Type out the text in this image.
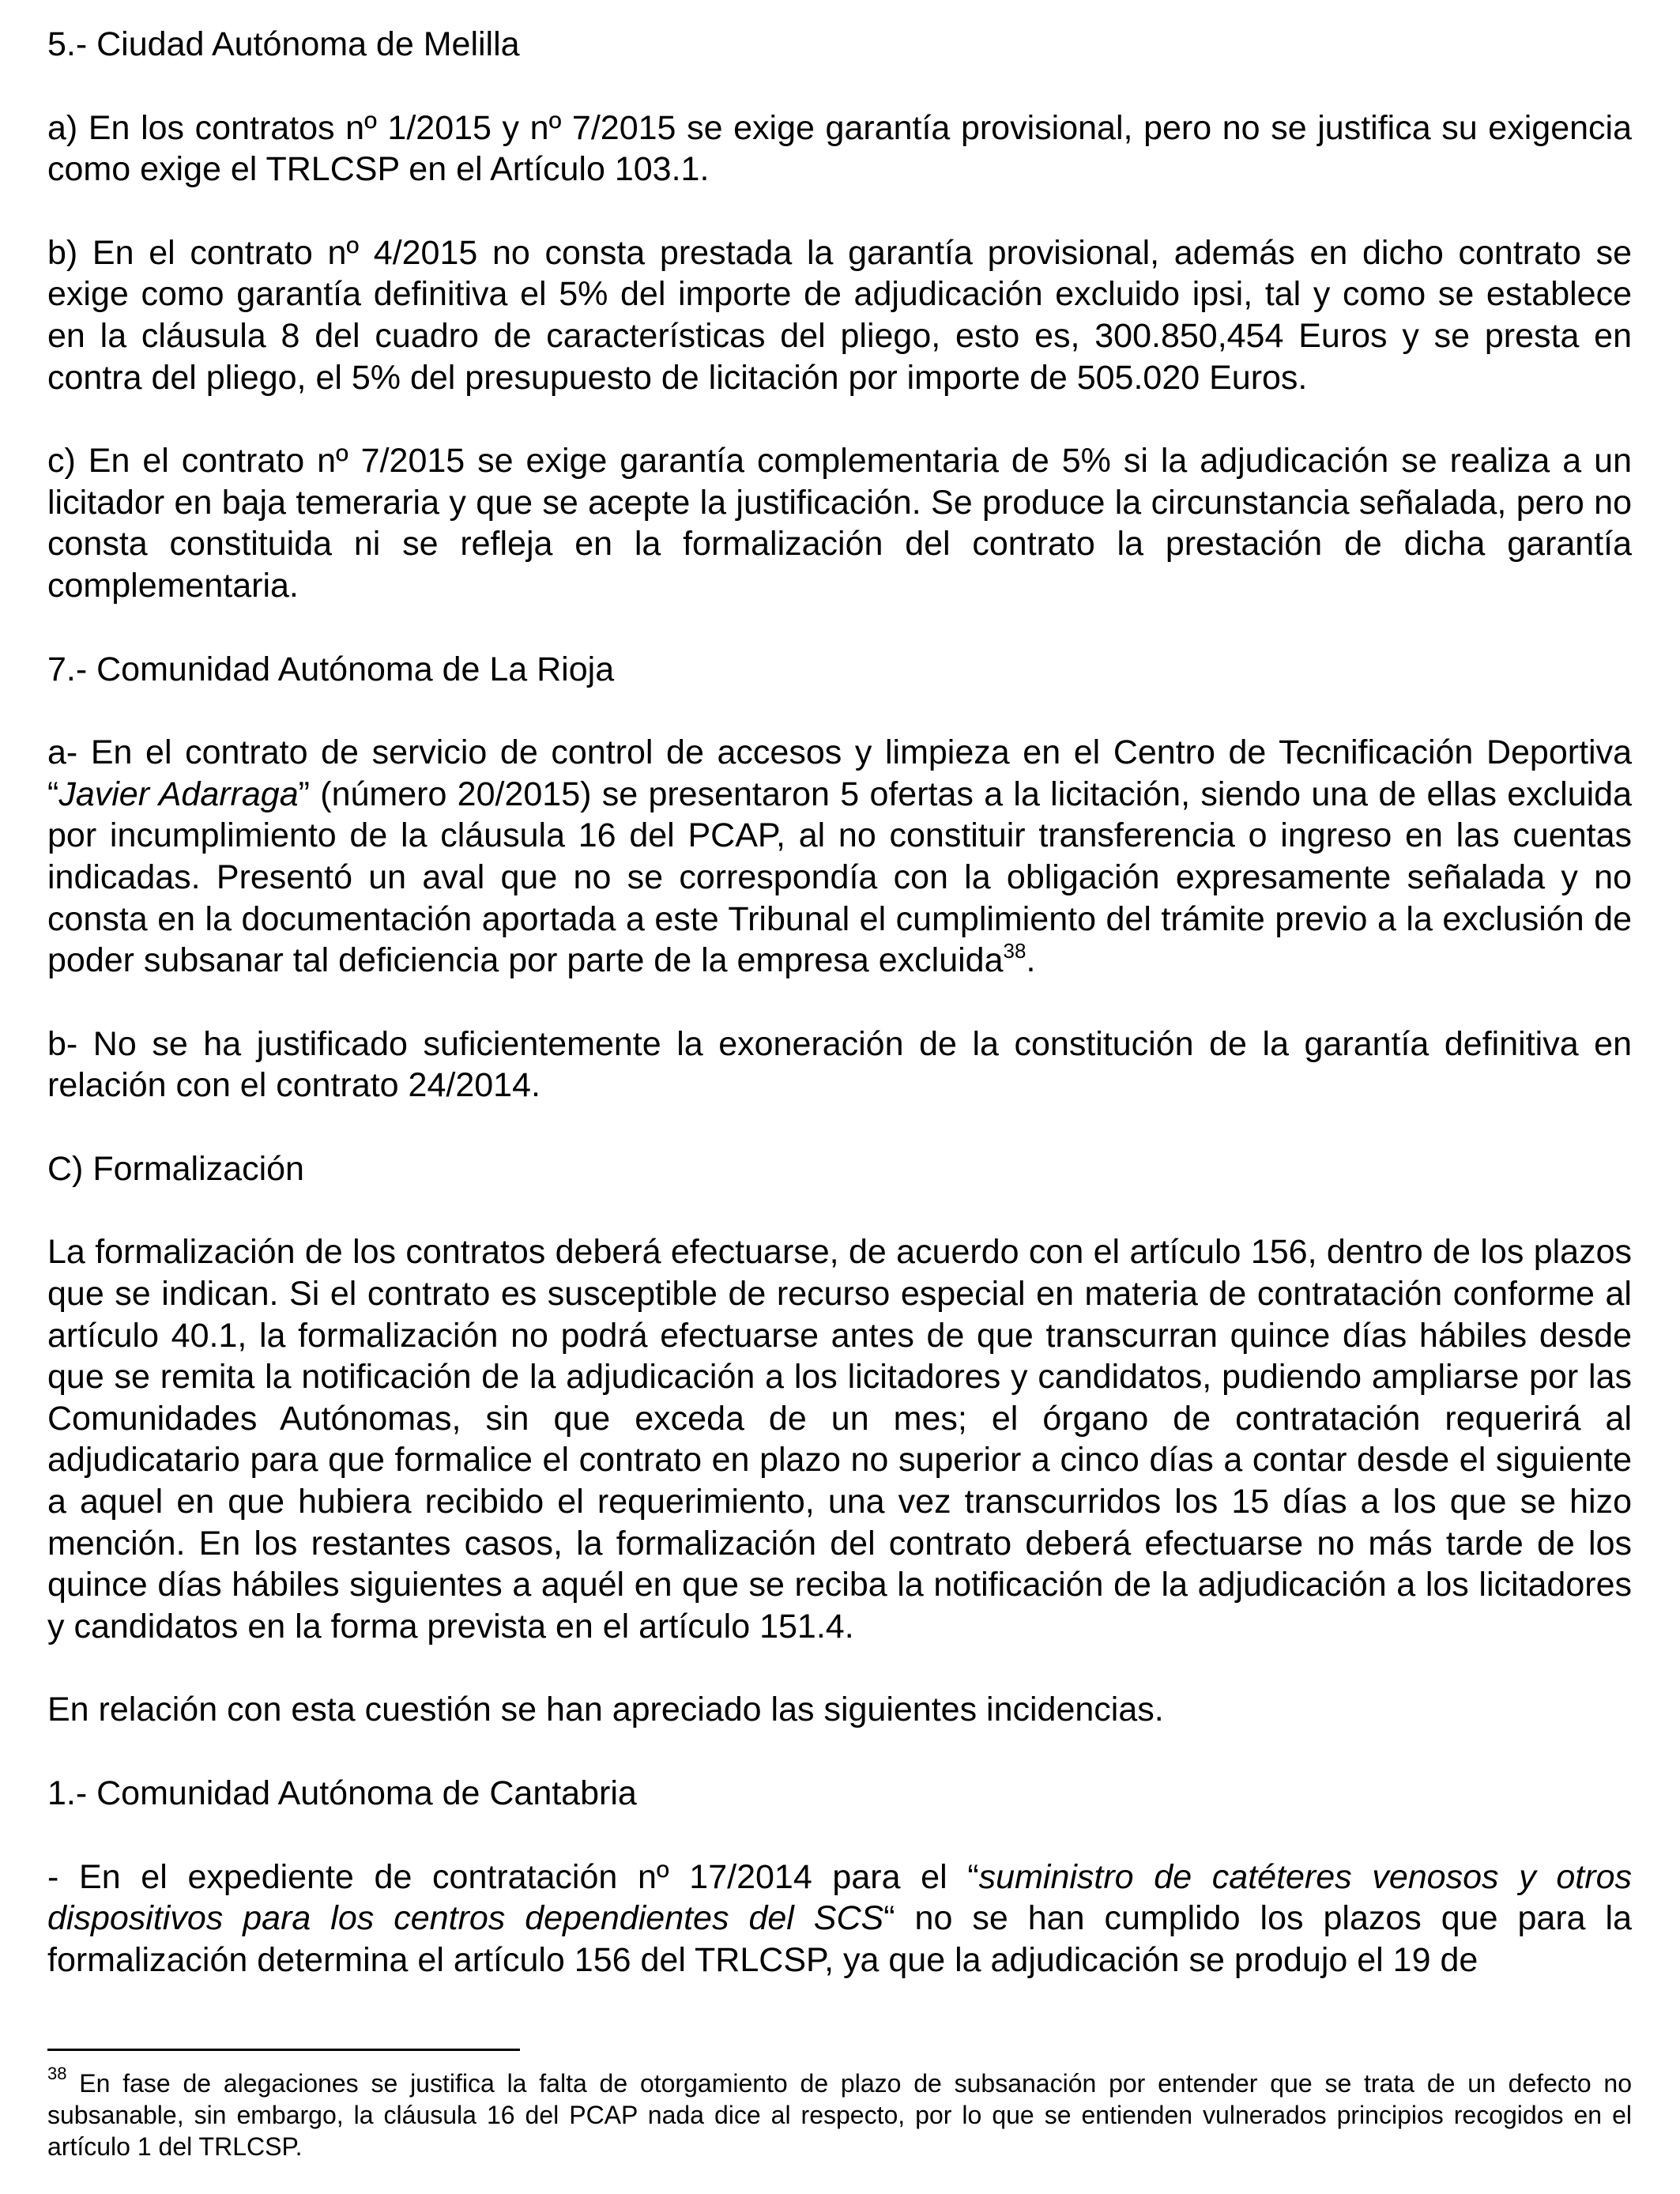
5.- Ciudad Autónoma de Melilla

a) En los contratos nº 1/2015 y nº 7/2015 se exige garantía provisional, pero no se justifica su exigencia como exige el TRLCSP en el Artículo 103.1.

b) En el contrato nº 4/2015 no consta prestada la garantía provisional, además en dicho contrato se exige como garantía definitiva el 5% del importe de adjudicación excluido ipsi, tal y como se establece en la cláusula 8 del cuadro de características del pliego, esto es, 300.850,454 Euros y se presta en contra del pliego, el 5% del presupuesto de licitación por importe de 505.020 Euros.

c) En el contrato nº 7/2015 se exige garantía complementaria de 5% si la adjudicación se realiza a un licitador en baja temeraria y que se acepte la justificación. Se produce la circunstancia señalada, pero no consta constituida ni se refleja en la formalización del contrato la prestación de dicha garantía complementaria.

7.- Comunidad Autónoma de La Rioja

a- En el contrato de servicio de control de accesos y limpieza en el Centro de Tecnificación Deportiva “Javier Adarraga” (número 20/2015) se presentaron 5 ofertas a la licitación, siendo una de ellas excluida por incumplimiento de la cláusula 16 del PCAP, al no constituir transferencia o ingreso en las cuentas indicadas. Presentó un aval que no se correspondía con la obligación expresamente señalada y no consta en la documentación aportada a este Tribunal el cumplimiento del trámite previo a la exclusión de poder subsanar tal deficiencia por parte de la empresa excluida$^{38}$.

b- No se ha justificado suficientemente la exoneración de la constitución de la garantía definitiva en relación con el contrato 24/2014.

C) Formalización

La formalización de los contratos deberá efectuarse, de acuerdo con el artículo 156, dentro de los plazos que se indican. Si el contrato es susceptible de recurso especial en materia de contratación conforme al artículo 40.1, la formalización no podrá efectuarse antes de que transcurran quince días hábiles desde que se remita la notificación de la adjudicación a los licitadores y candidatos, pudiendo ampliarse por las Comunidades Autónomas, sin que exceda de un mes; el órgano de contratación requerirá al adjudicatario para que formalice el contrato en plazo no superior a cinco días a contar desde el siguiente a aquel en que hubiera recibido el requerimiento, una vez transcurridos los 15 días a los que se hizo mención. En los restantes casos, la formalización del contrato deberá efectuarse no más tarde de los quince días hábiles siguientes a aquél en que se reciba la notificación de la adjudicación a los licitadores y candidatos en la forma prevista en el artículo 151.4.

En relación con esta cuestión se han apreciado las siguientes incidencias.

1.- Comunidad Autónoma de Cantabria

- En el expediente de contratación nº 17/2014 para el “suministro de catéteres venosos y otros dispositivos para los centros dependientes del SCS“ no se han cumplido los plazos que para la formalización determina el artículo 156 del TRLCSP, ya que la adjudicación se produjo el 19 de

$^{38}$ En fase de alegaciones se justifica la falta de otorgamiento de plazo de subsanación por entender que se trata de un defecto no subsanable, sin embargo, la cláusula 16 del PCAP nada dice al respecto, por lo que se entienden vulnerados principios recogidos en el artículo 1 del TRLCSP.
